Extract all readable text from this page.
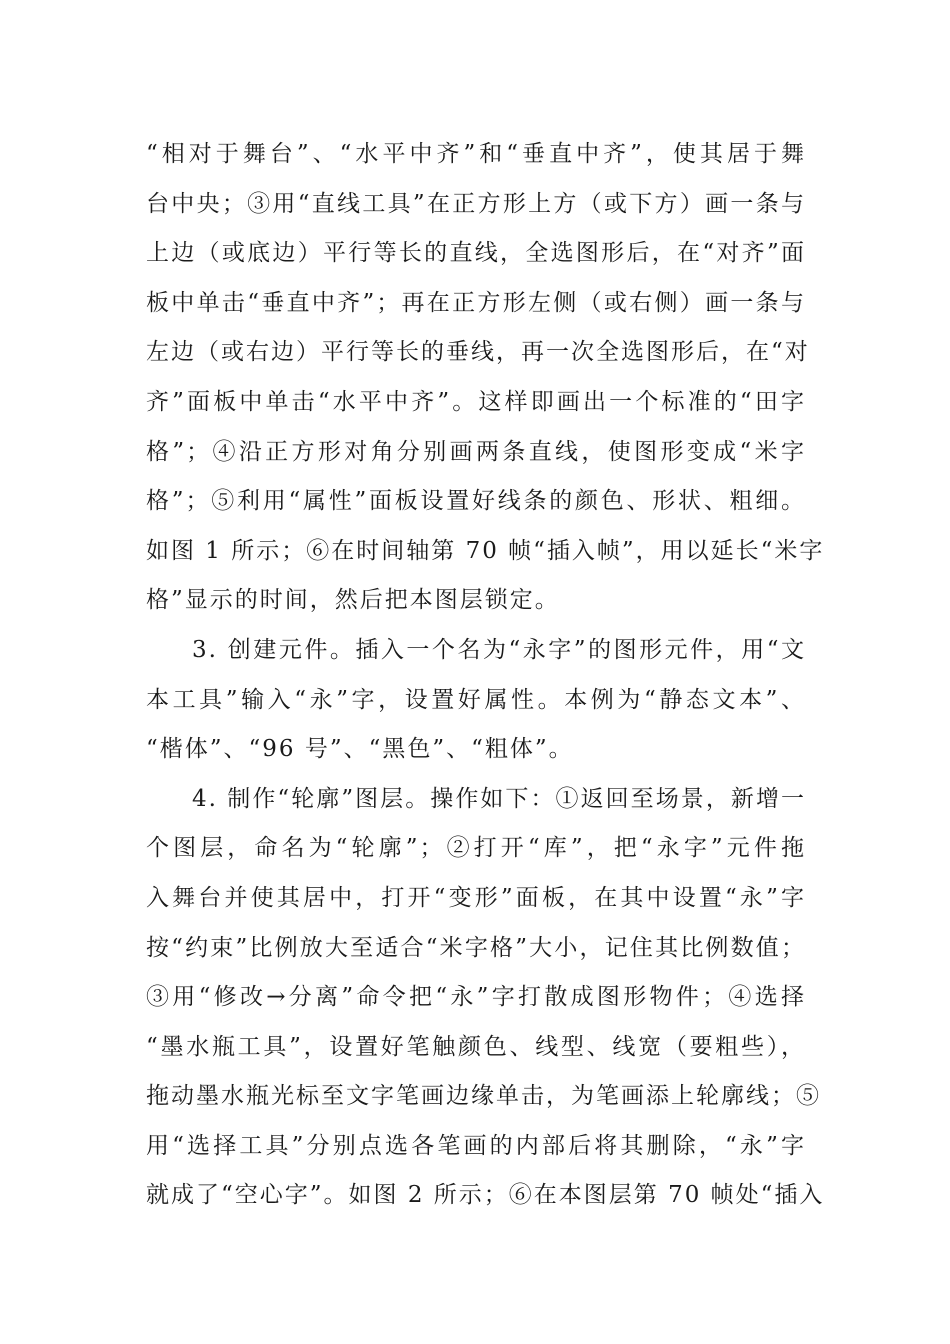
“相对于舞台”、“水平中齐”和“垂直中齐”，使其居于舞
台中央；③用“直线工具”在正方形上方（或下方）画一条与
上边（或底边）平行等长的直线，全选图形后，在“对齐”面
板中单击“垂直中齐”；再在正方形左侧（或右侧）画一条与
左边（或右边）平行等长的垂线，再一次全选图形后，在“对
齐”面板中单击“水平中齐”。这样即画出一个标准的“田字
格”；④沿正方形对角分别画两条直线，使图形变成“米字
格”；⑤利用“属性”面板设置好线条的颜色、形状、粗细。
如图 1 所示；⑥在时间轴第 70 帧“插入帧”，用以延长“米字
格”显示的时间，然后把本图层锁定。
3. 创建元件。插入一个名为“永字”的图形元件，用“文
本工具”输入“永”字，设置好属性。本例为“静态文本”、
“楷体”、“96 号”、“黑色”、“粗体”。
4. 制作“轮廓”图层。操作如下：①返回至场景，新增一
个图层，命名为“轮廓”；②打开“库”，把“永字”元件拖
入舞台并使其居中，打开“变形”面板，在其中设置“永”字
按“约束”比例放大至适合“米字格”大小，记住其比例数值；
③用“修改→分离”命令把“永”字打散成图形物件；④选择
“墨水瓶工具”，设置好笔触颜色、线型、线宽（要粗些），
拖动墨水瓶光标至文字笔画边缘单击，为笔画添上轮廓线；⑤
用“选择工具”分别点选各笔画的内部后将其删除，“永”字
就成了“空心字”。如图 2 所示；⑥在本图层第 70 帧处“插入
